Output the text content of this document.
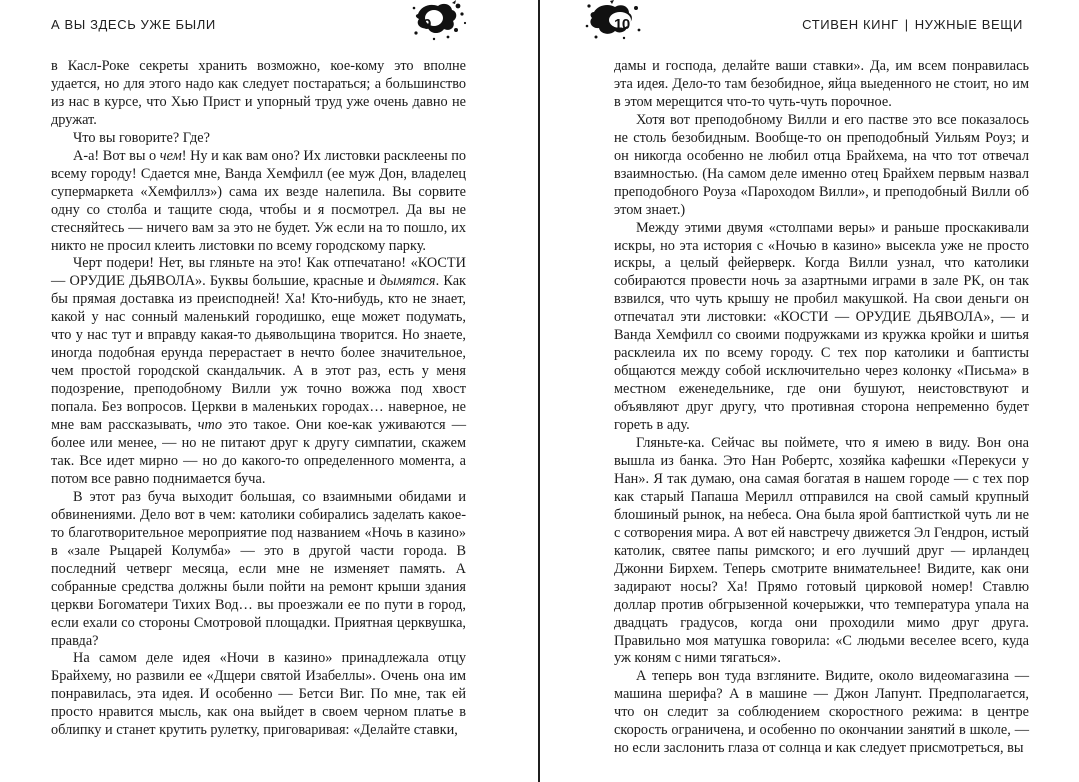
А ВЫ ЗДЕСЬ УЖЕ БЫЛИ	9

в Касл-Роке секреты хранить возможно, кое-кому это вполне удается, но для этого надо как следует постараться; а большинство из нас в курсе, что Хью Прист и упорный труд уже очень давно не дружат.

Что вы говорите? Где?

А-а! Вот вы о чем! Ну и как вам оно? Их листовки расклеены по всему городу! Сдается мне, Ванда Хемфилл (ее муж Дон, владелец супермаркета «Хемфиллз») сама их везде налепила. Вы сорвите одну со столба и тащите сюда, чтобы и я посмотрел. Да вы не стесняйтесь — ничего вам за это не будет. Уж если на то пошло, их никто не просил клеить листовки по всему городскому парку.

Черт подери! Нет, вы гляньте на это! Как отпечатано! «КОСТИ — ОРУДИЕ ДЬЯВОЛА». Буквы большие, красные и дымятся. Как бы прямая доставка из преисподней! Ха! Кто-нибудь, кто не знает, какой у нас сонный маленький городишко, еще может подумать, что у нас тут и вправду какая-то дьявольщина творится. Но знаете, иногда подобная ерунда перерастает в нечто более значительное, чем простой городской скандальчик. А в этот раз, есть у меня подозрение, преподобному Вилли уж точно вожжа под хвост попала. Без вопросов. Церкви в маленьких городах… наверное, не мне вам рассказывать, что это такое. Они кое-как уживаются — более или менее, — но не питают друг к другу симпатии, скажем так. Все идет мирно — но до какого-то определенного момента, а потом все равно поднимается буча.

В этот раз буча выходит большая, со взаимными обидами и обвинениями. Дело вот в чем: католики собирались заделать какое-то благотворительное мероприятие под названием «Ночь в казино» в «зале Рыцарей Колумба» — это в другой части города. В последний четверг месяца, если мне не изменяет память. А собранные средства должны были пойти на ремонт крыши здания церкви Богоматери Тихих Вод… вы проезжали ее по пути в город, если ехали со стороны Смотровой площадки. Приятная церквушка, правда?

На самом деле идея «Ночи в казино» принадлежала отцу Брайхему, но развили ее «Дщери святой Изабеллы». Очень она им понравилась, эта идея. И особенно — Бетси Виг. По мне, так ей просто нравится мысль, как она выйдет в своем черном платье в облипку и станет крутить рулетку, приговаривая: «Делайте ставки,

10	СТИВЕН КИНГ | НУЖНЫЕ ВЕЩИ

дамы и господа, делайте ваши ставки». Да, им всем понравилась эта идея. Дело-то там безобидное, яйца выеденного не стоит, но им в этом мерещится что-то чуть-чуть порочное.

Хотя вот преподобному Вилли и его пастве это все показалось не столь безобидным. Вообще-то он преподобный Уильям Роуз; и он никогда особенно не любил отца Брайхема, на что тот отвечал взаимностью. (На самом деле именно отец Брайхем первым назвал преподобного Роуза «Пароходом Вилли», и преподобный Вилли об этом знает.)

Между этими двумя «столпами веры» и раньше проскакивали искры, но эта история с «Ночью в казино» высекла уже не просто искры, а целый фейерверк. Когда Вилли узнал, что католики собираются провести ночь за азартными играми в зале РК, он так взвился, что чуть крышу не пробил макушкой. На свои деньги он отпечатал эти листовки: «КОСТИ — ОРУДИЕ ДЬЯВОЛА», — и Ванда Хемфилл со своими подружками из кружка кройки и шитья расклеила их по всему городу. С тех пор католики и баптисты общаются между собой исключительно через колонку «Письма» в местном еженедельнике, где они бушуют, неистовствуют и объявляют друг другу, что противная сторона непременно будет гореть в аду.

Гляньте-ка. Сейчас вы поймете, что я имею в виду. Вон она вышла из банка. Это Нан Робертс, хозяйка кафешки «Перекуси у Нан». Я так думаю, она самая богатая в нашем городе — с тех пор как старый Папаша Мерилл отправился на свой самый крупный блошиный рынок, на небеса. Она была ярой баптисткой чуть ли не с сотворения мира. А вот ей навстречу движется Эл Гендрон, истый католик, святее папы римского; и его лучший друг — ирландец Джонни Бирхем. Теперь смотрите внимательнее! Видите, как они задирают носы? Ха! Прямо готовый цирковой номер! Ставлю доллар против обгрызенной кочерыжки, что температура упала на двадцать градусов, когда они проходили мимо друг друга. Правильно моя матушка говорила: «С людьми веселее всего, куда уж коням с ними тягаться».

А теперь вон туда взгляните. Видите, около видеомагазина — машина шерифа? А в машине — Джон Лапунт. Предполагается, что он следит за соблюдением скоростного режима: в центре скорость ограничена, и особенно по окончании занятий в школе, — но если заслонить глаза от солнца и как следует присмотреться, вы
